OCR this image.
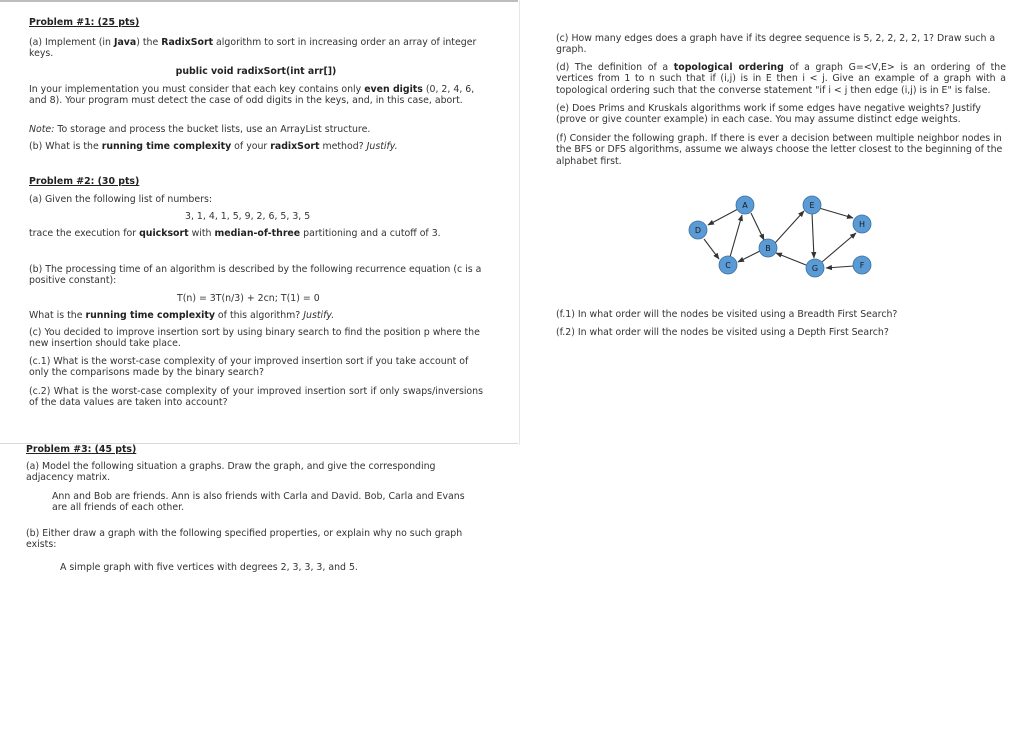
Problem #1: (25 pts)
(a) Implement (in Java) the RadixSort algorithm to sort in increasing order an array of integer keys.
public void radixSort(int arr[])
In your implementation you must consider that each key contains only even digits (0, 2, 4, 6, and 8). Your program must detect the case of odd digits in the keys, and, in this case, abort.
Note: To storage and process the bucket lists, use an ArrayList structure.
(b) What is the running time complexity of your radixSort method? Justify.
Problem #2: (30 pts)
(a) Given the following list of numbers:
3, 1, 4, 1, 5, 9, 2, 6, 5, 3, 5
trace the execution for quicksort with median-of-three partitioning and a cutoff of 3.
(b) The processing time of an algorithm is described by the following recurrence equation (c is a positive constant):
T(n) = 3T(n/3) + 2cn; T(1) = 0
What is the running time complexity of this algorithm? Justify.
(c) You decided to improve insertion sort by using binary search to find the position p where the new insertion should take place.
(c.1) What is the worst-case complexity of your improved insertion sort if you take account of only the comparisons made by the binary search?
(c.2) What is the worst-case complexity of your improved insertion sort if only swaps/inversions of the data values are taken into account?
Problem #3: (45 pts)
(a) Model the following situation a graphs. Draw the graph, and give the corresponding adjacency matrix.
Ann and Bob are friends. Ann is also friends with Carla and David. Bob, Carla and Evans are all friends of each other.
(b) Either draw a graph with the following specified properties, or explain why no such graph exists:
A simple graph with five vertices with degrees 2, 3, 3, 3, and 5.
(c) How many edges does a graph have if its degree sequence is 5, 2, 2, 2, 2, 1? Draw such a graph.
(d) The definition of a topological ordering of a graph G=<V,E> is an ordering of the vertices from 1 to n such that if (i,j) is in E then i < j. Give an example of a graph with a topological ordering such that the converse statement "if i < j then edge (i,j) is in E" is false.
(e) Does Prims and Kruskals algorithms work if some edges have negative weights? Justify (prove or give counter example) in each case. You may assume distinct edge weights.
(f) Consider the following graph. If there is ever a decision between multiple neighbor nodes in the BFS or DFS algorithms, assume we always choose the letter closest to the beginning of the alphabet first.
A
B
C
D
E
F
G
H
(f.1) In what order will the nodes be visited using a Breadth First Search?
(f.2) In what order will the nodes be visited using a Depth First Search?
